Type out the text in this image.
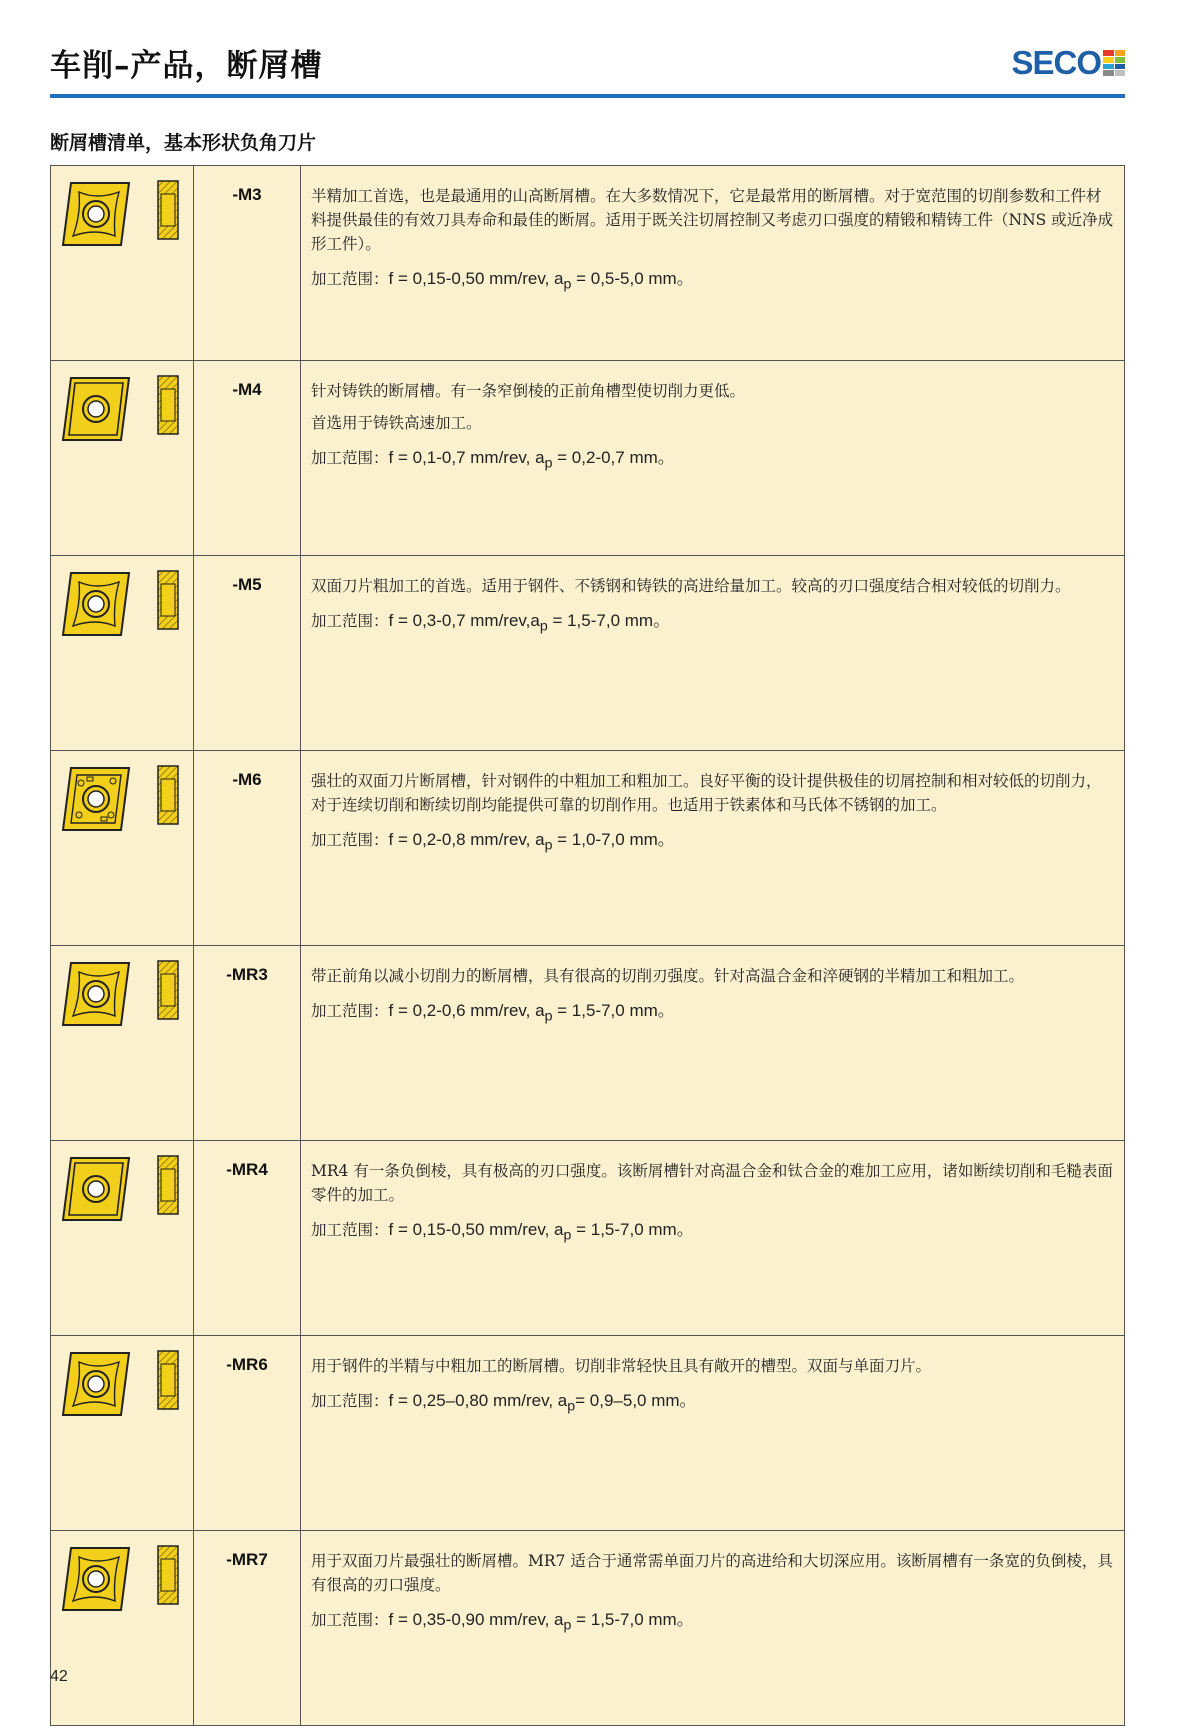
车削–产品，断屑槽	SECO
断屑槽清单，基本形状负角刀片

-M3	半精加工首选，也是最通用的山高断屑槽。在大多数情况下，它是最常用的断屑槽。对于宽范围的切削参数和工件材料提供最佳的有效刀具寿命和最佳的断屑。适用于既关注切屑控制又考虑刃口强度的精锻和精铸工件（NNS 或近净成形工件）。

加工范围：f = 0,15-0,50 mm/rev, $a_p = 0,5-5,0$ mm。

-M4	针对铸铁的断屑槽。有一条窄倒棱的正前角槽型使切削力更低。

首选用于铸铁高速加工。

加工范围：f = 0,1-0,7 mm/rev, $a_p = 0,2-0,7$ mm。

-M5	双面刀片粗加工的首选。适用于钢件、不锈钢和铸铁的高进给量加工。较高的刃口强度结合相对较低的切削力。

加工范围：f = 0,3-0,7 $mm/rev,a_p = 1,5-7,0$ mm。

-M6	强壮的双面刀片断屑槽，针对钢件的中粗加工和粗加工。良好平衡的设计提供极佳的切屑控制和相对较低的切削力，对于连续切削和断续切削均能提供可靠的切削作用。也适用于铁素体和马氏体不锈钢的加工。

加工范围：f = 0,2-0,8 mm/rev, $a_p = 1,0-7,0$ mm。

-MR3	带正前角以减小切削力的断屑槽，具有很高的切削刃强度。针对高温合金和淬硬钢的半精加工和粗加工。

加工范围：f = 0,2-0,6 mm/rev, $a_p = 1,5-7,0$ mm。

-MR4	MR4 有一条负倒棱，具有极高的刃口强度。该断屑槽针对高温合金和钛合金的难加工应用，诸如断续切削和毛糙表面零件的加工。

加工范围：f = 0,15-0,50 mm/rev, $a_p = 1,5-7,0$ mm。

-MR6	用于钢件的半精与中粗加工的断屑槽。切削非常轻快且具有敞开的槽型。双面与单面刀片。

加工范围：f = 0,25–0,80 mm/rev, $a_p= 0,9-5,0$ mm。

-MR7	用于双面刀片最强壮的断屑槽。MR7 适合于通常需单面刀片的高进给和大切深应用。该断屑槽有一条宽的负倒棱，具有很高的刃口强度。

加工范围：f = 0,35-0,90 mm/rev, $a_p = 1,5-7,0$ mm。

42
